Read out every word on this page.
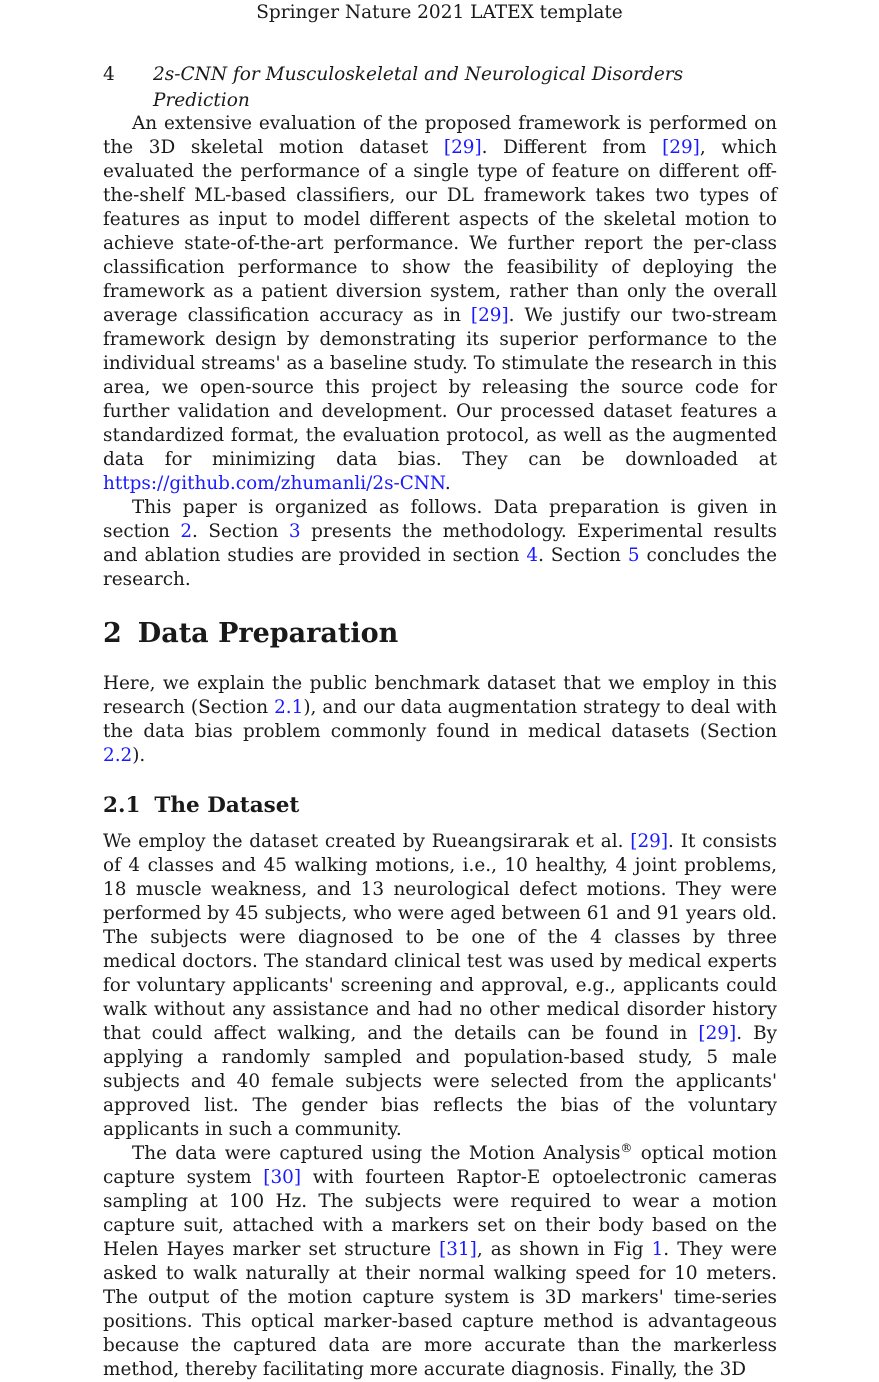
Springer Nature 2021 LATEX template
4 2s-CNN for Musculoskeletal and Neurological Disorders Prediction

An extensive evaluation of the proposed framework is performed on the 3D skeletal motion dataset [29]. Different from [29], which evaluated the performance of a single type of feature on different off-the-shelf ML-based classifiers, our DL framework takes two types of features as input to model different aspects of the skeletal motion to achieve state-of-the-art performance. We further report the per-class classification performance to show the feasibility of deploying the framework as a patient diversion system, rather than only the overall average classification accuracy as in [29]. We justify our two-stream framework design by demonstrating its superior performance to the individual streams' as a baseline study. To stimulate the research in this area, we open-source this project by releasing the source code for further validation and development. Our processed dataset features a standardized format, the evaluation protocol, as well as the augmented data for minimizing data bias. They can be downloaded at https://github.com/zhumanli/2s-CNN.

This paper is organized as follows. Data preparation is given in section 2. Section 3 presents the methodology. Experimental results and ablation studies are provided in section 4. Section 5 concludes the research.

2 Data Preparation

Here, we explain the public benchmark dataset that we employ in this research (Section 2.1), and our data augmentation strategy to deal with the data bias problem commonly found in medical datasets (Section 2.2).

2.1 The Dataset

We employ the dataset created by Rueangsirarak et al. [29]. It consists of 4 classes and 45 walking motions, i.e., 10 healthy, 4 joint problems, 18 muscle weakness, and 13 neurological defect motions. They were performed by 45 subjects, who were aged between 61 and 91 years old. The subjects were diagnosed to be one of the 4 classes by three medical doctors. The standard clinical test was used by medical experts for voluntary applicants' screening and approval, e.g., applicants could walk without any assistance and had no other medical disorder history that could affect walking, and the details can be found in [29]. By applying a randomly sampled and population-based study, 5 male subjects and 40 female subjects were selected from the applicants' approved list. The gender bias reflects the bias of the voluntary applicants in such a community.

The data were captured using the Motion Analysis® optical motion capture system [30] with fourteen Raptor-E optoelectronic cameras sampling at 100 Hz. The subjects were required to wear a motion capture suit, attached with a markers set on their body based on the Helen Hayes marker set structure [31], as shown in Fig 1. They were asked to walk naturally at their normal walking speed for 10 meters. The output of the motion capture system is 3D markers' time-series positions. This optical marker-based capture method is advantageous because the captured data are more accurate than the markerless method, thereby facilitating more accurate diagnosis. Finally, the 3D
